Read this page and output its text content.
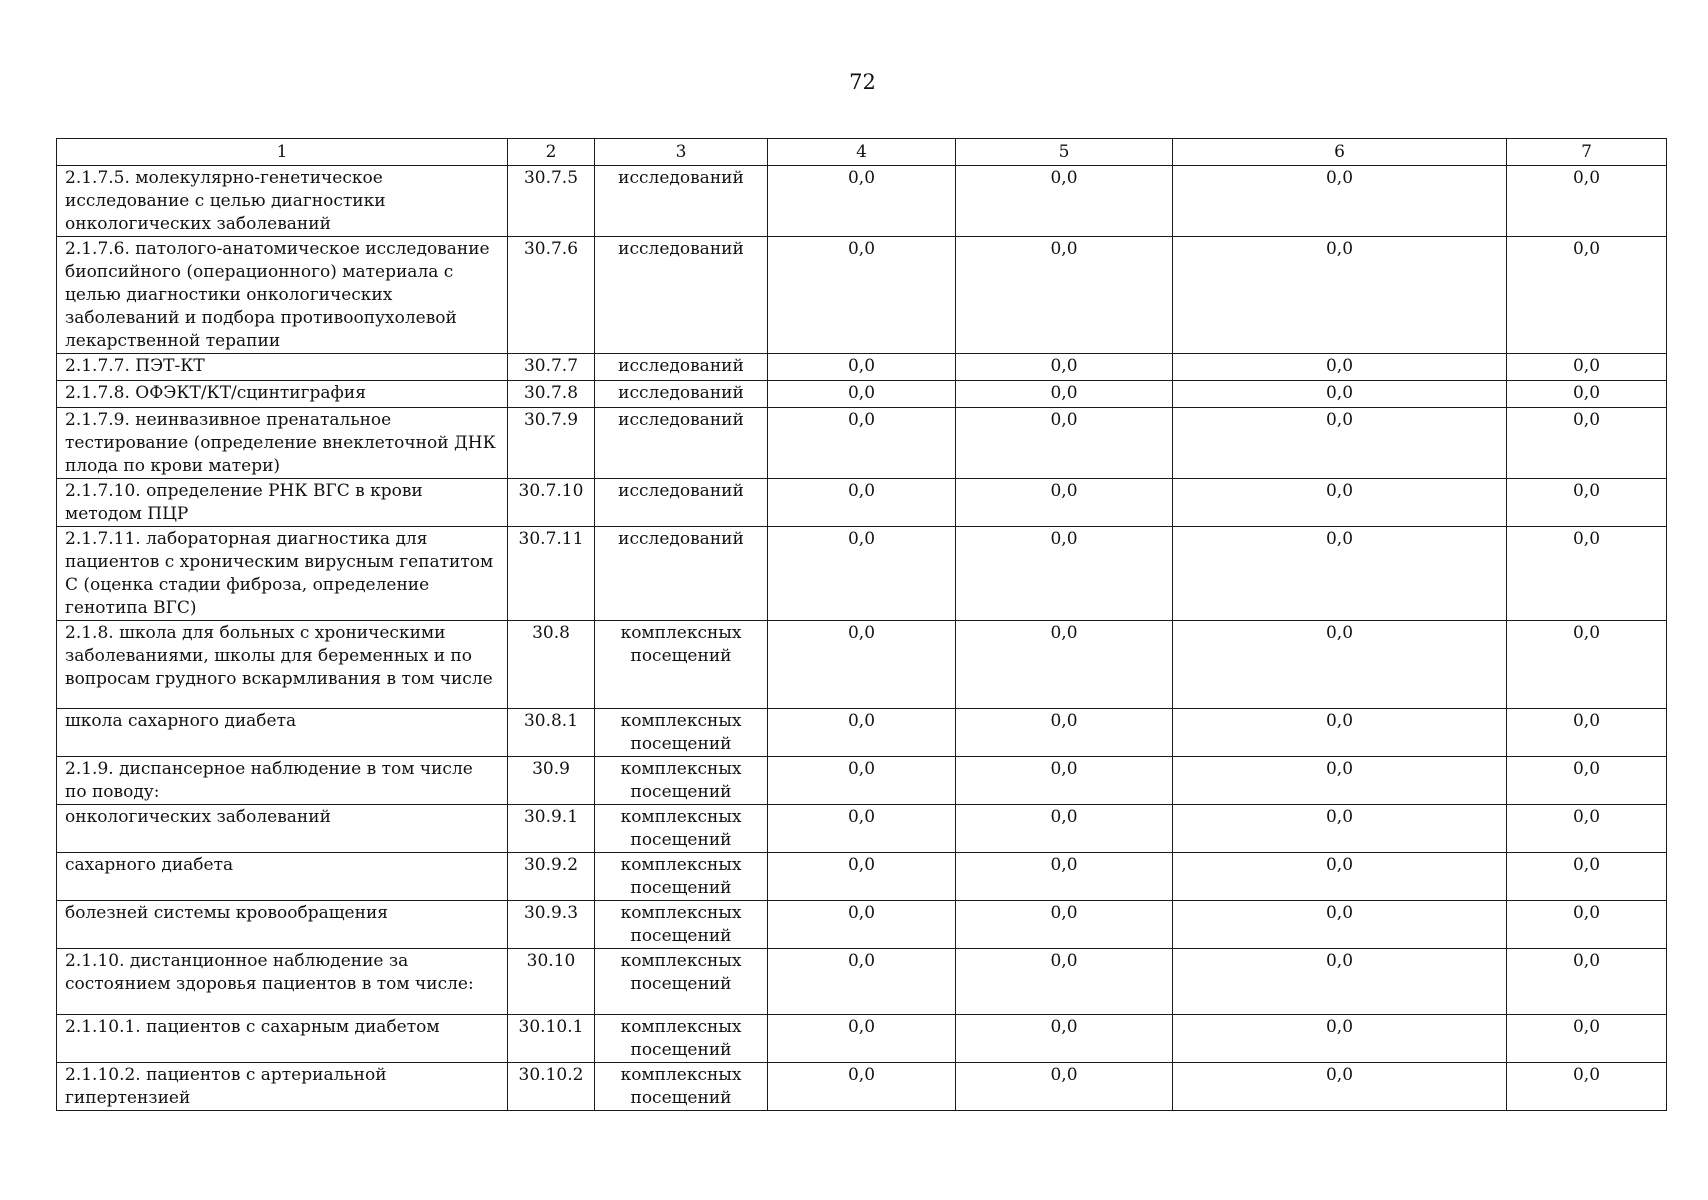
72
1	2	3	4	5	6	7
2.1.7.5. молекулярно-генетическое исследование с целью диагностики онкологических заболеваний	30.7.5	исследований	0,0	0,0	0,0	0,0
2.1.7.6. патолого-анатомическое исследование биопсийного (операционного) материала с целью диагностики онкологических заболеваний и подбора противоопухолевой лекарственной терапии	30.7.6	исследований	0,0	0,0	0,0	0,0
2.1.7.7. ПЭТ-КТ	30.7.7	исследований	0,0	0,0	0,0	0,0
2.1.7.8. ОФЭКТ/КТ/сцинтиграфия	30.7.8	исследований	0,0	0,0	0,0	0,0
2.1.7.9. неинвазивное пренатальное тестирование (определение внеклеточной ДНК плода по крови матери)	30.7.9	исследований	0,0	0,0	0,0	0,0
2.1.7.10. определение РНК ВГС в крови методом ПЦР	30.7.10	исследований	0,0	0,0	0,0	0,0
2.1.7.11. лабораторная диагностика для пациентов с хроническим вирусным гепатитом С (оценка стадии фиброза, определение генотипа ВГС)	30.7.11	исследований	0,0	0,0	0,0	0,0
2.1.8. школа для больных с хроническими заболеваниями, школы для беременных и по вопросам грудного вскармливания в том числе	30.8	комплексных посещений	0,0	0,0	0,0	0,0
школа сахарного диабета	30.8.1	комплексных посещений	0,0	0,0	0,0	0,0
2.1.9. диспансерное наблюдение в том числе по поводу:	30.9	комплексных посещений	0,0	0,0	0,0	0,0
онкологических заболеваний	30.9.1	комплексных посещений	0,0	0,0	0,0	0,0
сахарного диабета	30.9.2	комплексных посещений	0,0	0,0	0,0	0,0
болезней системы кровообращения	30.9.3	комплексных посещений	0,0	0,0	0,0	0,0
2.1.10. дистанционное наблюдение за состоянием здоровья пациентов в том числе:	30.10	комплексных посещений	0,0	0,0	0,0	0,0
2.1.10.1. пациентов с сахарным диабетом	30.10.1	комплексных посещений	0,0	0,0	0,0	0,0
2.1.10.2. пациентов с артериальной гипертензией	30.10.2	комплексных посещений	0,0	0,0	0,0	0,0
